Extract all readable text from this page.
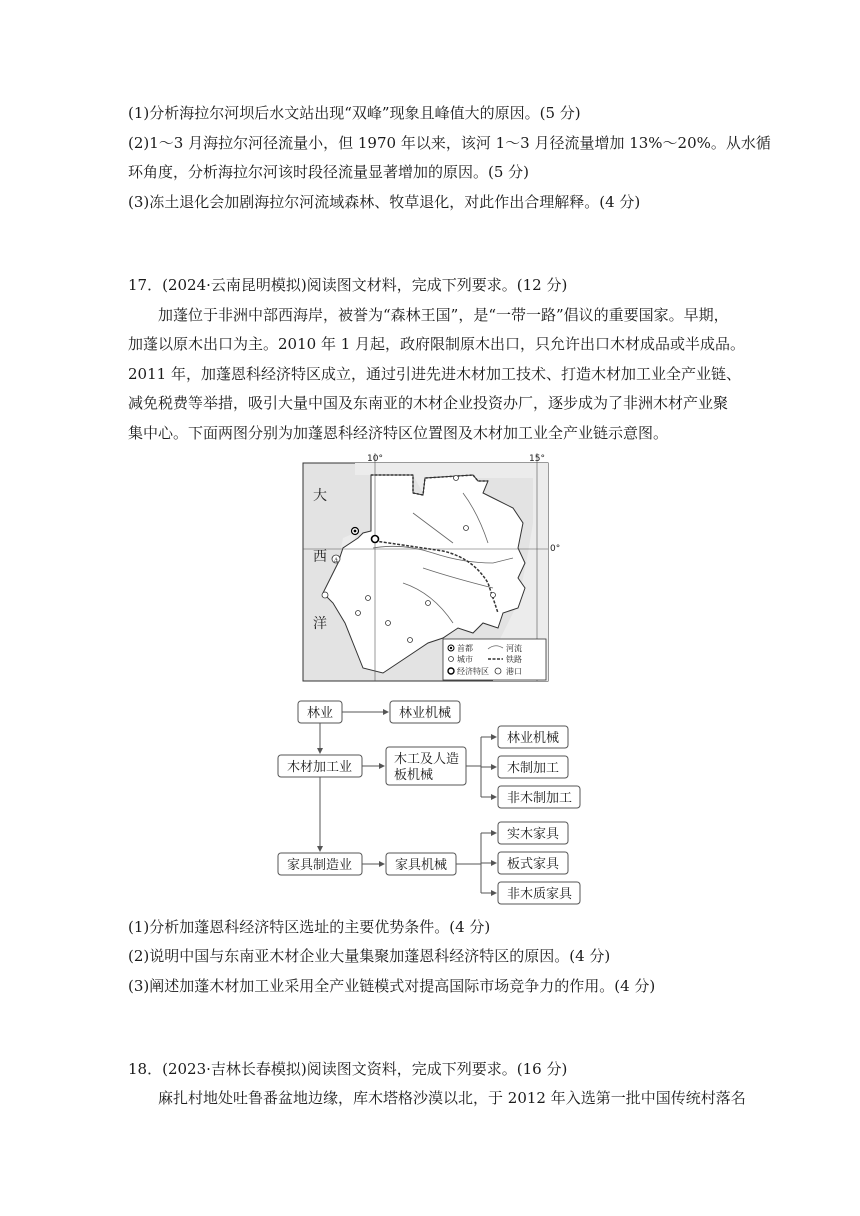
(1)分析海拉尔河坝后水文站出现“双峰”现象且峰值大的原因。(5 分)
(2)1～3 月海拉尔河径流量小，但 1970 年以来，该河 1～3 月径流量增加 13%～20%。从水循
环角度，分析海拉尔河该时段径流量显著增加的原因。(5 分)
(3)冻土退化会加剧海拉尔河流域森林、牧草退化，对此作出合理解释。(4 分)
17．(2024·云南昆明模拟)阅读图文材料，完成下列要求。(12 分)
加蓬位于非洲中部西海岸，被誉为“森林王国”，是“一带一路”倡议的重要国家。早期，
加蓬以原木出口为主。2010 年 1 月起，政府限制原木出口，只允许出口木材成品或半成品。
2011 年，加蓬恩科经济特区成立，通过引进先进木材加工技术、打造木材加工业全产业链、
减免税费等举措，吸引大量中国及东南亚的木材企业投资办厂，逐步成为了非洲木材产业聚
集中心。下面两图分别为加蓬恩科经济特区位置图及木材加工业全产业链示意图。
⚓
10°	15°
0°
大
西
洋
首都	河流
城市	铁路
经济特区 港口
林业	林业机械
木材加工业
木工及人造
板机械
林业机械
木制加工
非木制加工
家具制造业	家具机械
实木家具
板式家具
非木质家具
(1)分析加蓬恩科经济特区选址的主要优势条件。(4 分)
(2)说明中国与东南亚木材企业大量集聚加蓬恩科经济特区的原因。(4 分)
(3)阐述加蓬木材加工业采用全产业链模式对提高国际市场竞争力的作用。(4 分)
18．(2023·吉林长春模拟)阅读图文资料，完成下列要求。(16 分)
麻扎村地处吐鲁番盆地边缘，库木塔格沙漠以北，于 2012 年入选第一批中国传统村落名
